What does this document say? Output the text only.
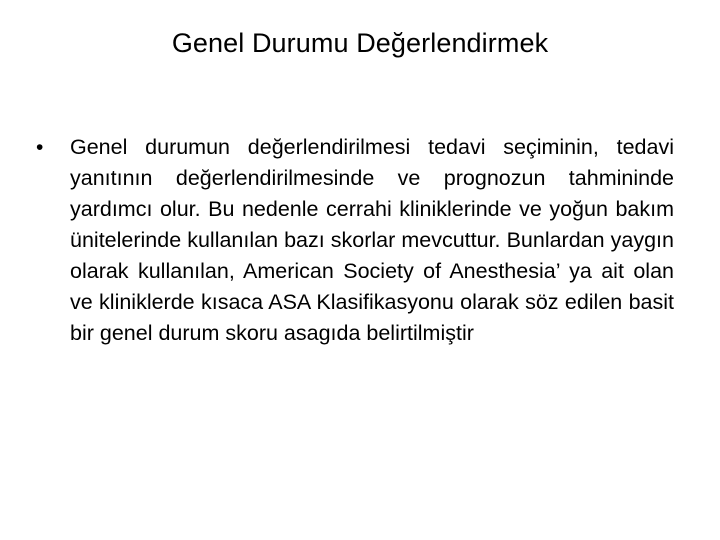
Genel Durumu Değerlendirmek
•	Genel durumun değerlendirilmesi tedavi seçiminin, tedavi yanıtının değerlendirilmesinde ve prognozun tahmininde yardımcı olur. Bu nedenle cerrahi kliniklerinde ve yoğun bakım ünitelerinde kullanılan bazı skorlar mevcuttur. Bunlardan yaygın olarak kullanılan, American Society of Anesthesia’ ya ait olan ve kliniklerde kısaca ASA Klasifikasyonu olarak söz edilen basit bir genel durum skoru asagıda belirtilmiştir
